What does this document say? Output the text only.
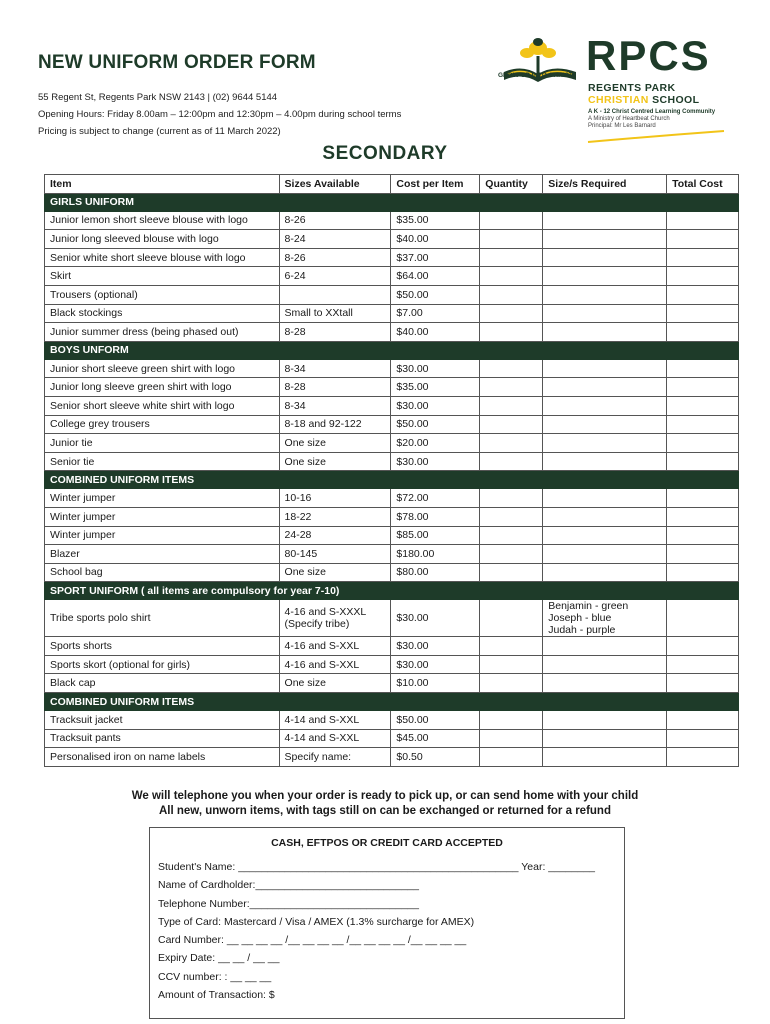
NEW UNIFORM ORDER FORM
55 Regent St, Regents Park NSW 2143 | (02) 9644 5144
Opening Hours: Friday 8.00am – 12:00pm and 12:30pm – 4.00pm during school terms
Pricing is subject to change (current as of 11 March 2022)
GROW UP INTO CHRIST RPCS
REGENTS PARK
CHRISTIAN SCHOOL
A K - 12 Christ Centred Learning Community
A Ministry of Heartbeat Church
Principal: Mr Les Barnard
SECONDARY
Item	Sizes Available	Cost per Item	Quantity	Size/s Required	Total Cost
GIRLS UNIFORM					
Junior lemon short sleeve blouse with logo	8-26	$35.00			
Junior long sleeved blouse with logo	8-24	$40.00			
Senior white short sleeve blouse with logo	8-26	$37.00			
Skirt	6-24	$64.00			
Trousers (optional)		$50.00			
Black stockings	Small to XXtall	$7.00			
Junior summer dress (being phased out)	8-28	$40.00			
BOYS UNFORM					
Junior short sleeve green shirt with logo	8-34	$30.00			
Junior long sleeve green shirt with logo	8-28	$35.00			
Senior short sleeve white shirt with logo	8-34	$30.00			
College grey trousers	8-18 and 92-122	$50.00			
Junior tie	One size	$20.00			
Senior tie	One size	$30.00			
COMBINED UNIFORM ITEMS					
Winter jumper	10-16	$72.00			
Winter jumper	18-22	$78.00			
Winter jumper	24-28	$85.00			
Blazer	80-145	$180.00			
School bag	One size	$80.00			
SPORT UNIFORM ( all items are compulsory for year 7-10)					
Tribe sports polo shirt	4-16 and S-XXXL (Specify tribe)	$30.00		Benjamin - green
Joseph - blue
Judah - purple	
Sports shorts	4-16 and S-XXL	$30.00			
Sports skort (optional for girls)	4-16 and S-XXL	$30.00			
Black cap	One size	$10.00			
COMBINED UNIFORM ITEMS					
Tracksuit jacket	4-14 and S-XXL	$50.00			
Tracksuit pants	4-14 and S-XXL	$45.00			
Personalised iron on name labels	Specify name:	$0.50			
We will telephone you when your order is ready to pick up, or can send home with your child
All new, unworn items, with tags still on can be exchanged or returned for a refund
CASH, EFTPOS OR CREDIT CARD ACCEPTED
Student's Name: ________________________________________________ Year: ________
Name of Cardholder:____________________________
Telephone Number:_____________________________
Type of Card: Mastercard / Visa / AMEX (1.3% surcharge for AMEX)
Card Number: __ __ __ __ /__ __ __ __ /__ __ __ __ /__ __ __ __
Expiry Date: __ __ / __ __
CCV number: : __ __ __
Amount of Transaction: $
